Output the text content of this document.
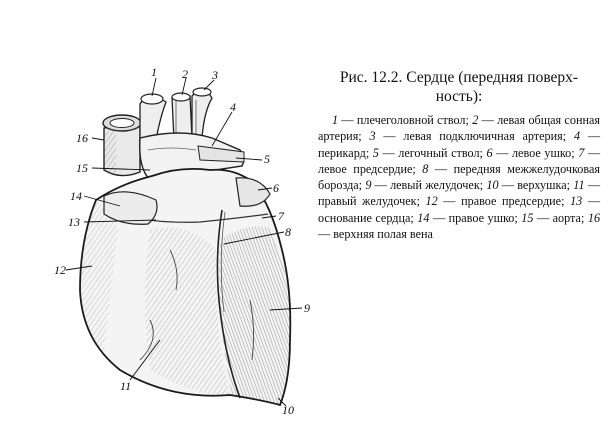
1 2 3
4
5
6
7
8
9
10
11
12
13
14
15
16

Рис. 12.2. Сердце (передняя поверх-ность):

1 — плечеголовной ствол; 2 — левая общая сонная артерия; 3 — левая подключичная артерия; 4 — перикард; 5 — легочный ствол; 6 — левое ушко; 7 — левое предсердие; 8 — передняя межжелудочковая борозда; 9 — левый желудочек; 10 — верхушка; 11 — правый желудочек; 12 — правое предсердие; 13 — основание сердца; 14 — правое ушко; 15 — аорта; 16 — верхняя полая вена
